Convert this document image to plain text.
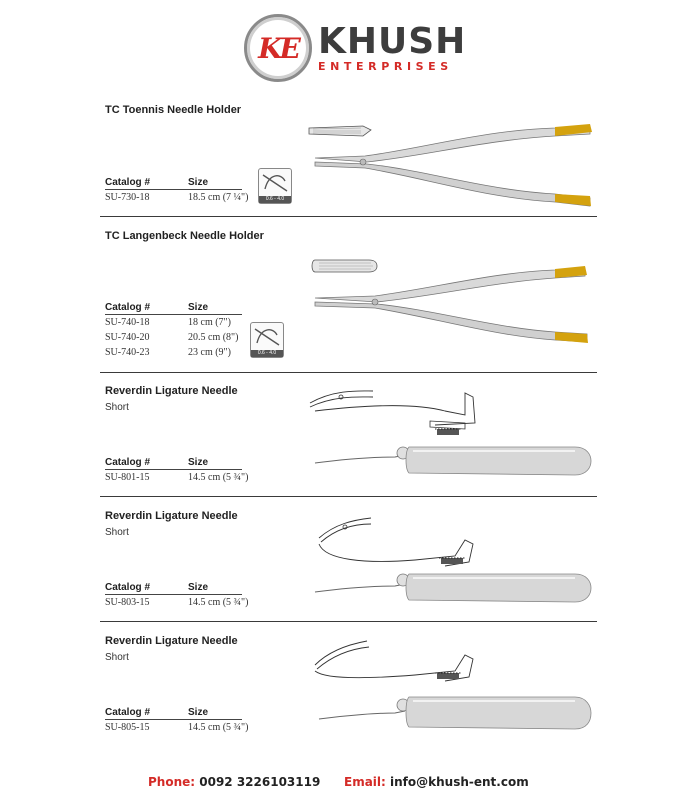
KE KHUSH
ENTERPRISES
TC Toennis Needle Holder
Catalog #	Size
SU-730-18	18.5 cm (7 ¼")	0.6 - 4.0
TC Langenbeck Needle Holder
Catalog #	Size
SU-740-18	18 cm (7")
SU-740-20	20.5 cm (8")
SU-740-23	23 cm (9")	0.6 - 4.0
Reverdin Ligature Needle
Short
Catalog #	Size
SU-801-15	14.5 cm (5 ¾")
Reverdin Ligature Needle
Short
Catalog #	Size
SU-803-15	14.5 cm (5 ¾")
Reverdin Ligature Needle
Short
Catalog #	Size
SU-805-15	14.5 cm (5 ¾")
Phone: 0092 3226103119 Email: info@khush-ent.com
